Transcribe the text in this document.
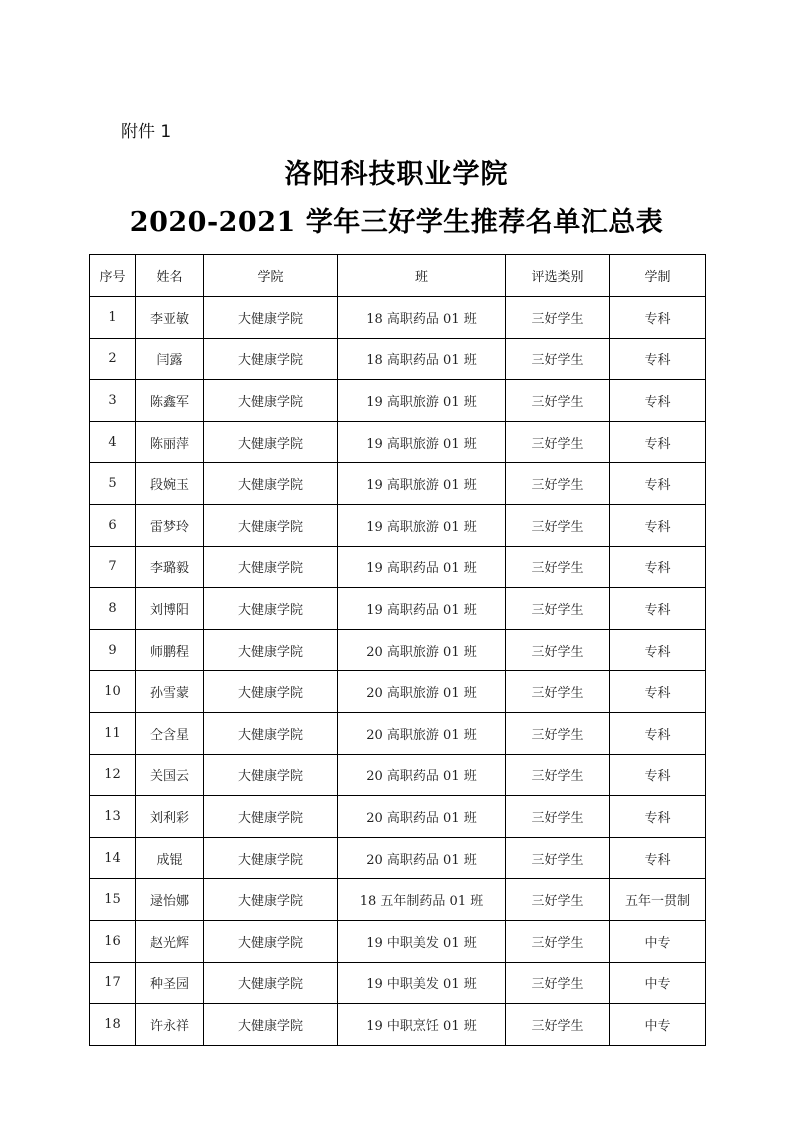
附件 1
洛阳科技职业学院
2020-2021 学年三好学生推荐名单汇总表
序号	姓名	学院	班	评选类别	学制
1	李亚敏	大健康学院	18 高职药品 01 班	三好学生	专科
2	闫露	大健康学院	18 高职药品 01 班	三好学生	专科
3	陈鑫军	大健康学院	19 高职旅游 01 班	三好学生	专科
4	陈丽萍	大健康学院	19 高职旅游 01 班	三好学生	专科
5	段婉玉	大健康学院	19 高职旅游 01 班	三好学生	专科
6	雷梦玲	大健康学院	19 高职旅游 01 班	三好学生	专科
7	李璐毅	大健康学院	19 高职药品 01 班	三好学生	专科
8	刘博阳	大健康学院	19 高职药品 01 班	三好学生	专科
9	师鹏程	大健康学院	20 高职旅游 01 班	三好学生	专科
10	孙雪蒙	大健康学院	20 高职旅游 01 班	三好学生	专科
11	仝含星	大健康学院	20 高职旅游 01 班	三好学生	专科
12	关国云	大健康学院	20 高职药品 01 班	三好学生	专科
13	刘利彩	大健康学院	20 高职药品 01 班	三好学生	专科
14	成锟	大健康学院	20 高职药品 01 班	三好学生	专科
15	逯怡娜	大健康学院	18 五年制药品 01 班	三好学生	五年一贯制
16	赵光辉	大健康学院	19 中职美发 01 班	三好学生	中专
17	种圣园	大健康学院	19 中职美发 01 班	三好学生	中专
18	许永祥	大健康学院	19 中职烹饪 01 班	三好学生	中专
